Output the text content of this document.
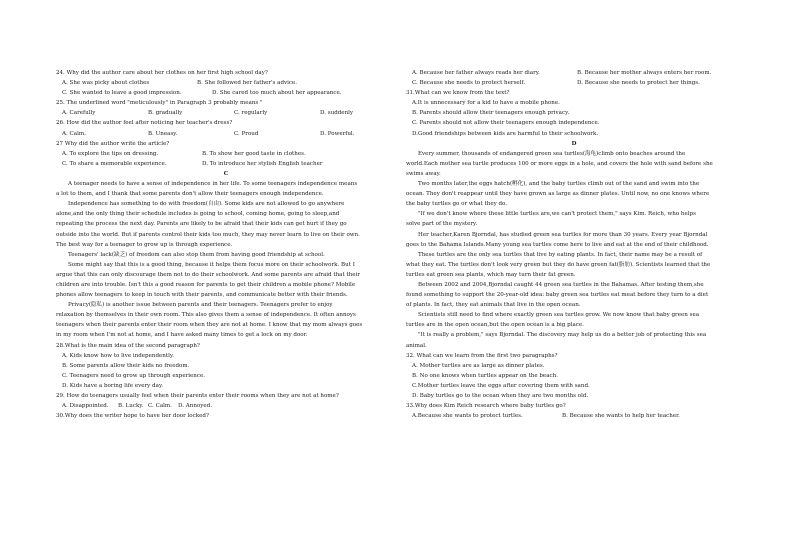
24. Why did the author care about her clothes on her first high school day?
A. She was picky about clothes	B. She followed her father's advice.
C. She wanted to leave a good impression.	D. She cared too much about her appearance.
25. The underlined word "meticulously" in Paragraph 3 probably means "
A. Carefully	B. gradually	C. regularly	D. suddenly
26. How did the author feel after noticing her teacher's dress?
A. Calm.	B. Uneasy.	C. Proud	D. Powerful.
27 Why did the author write the article?
A. To explore the tips on dressing.	B. To show her good taste in clothes.
C. To share a memorable experience.	D. To introduce her stylish English teacher
C
A teenager needs to have a sense of independence in her life. To some teenagers independence means
a lot to them, and I thank that some parents don't allow their teenagers enough independence.
Independence has something to do with freedom(自由). Some kids are not allowed to go anywhere
alone,and the only thing their schedule includes is going to school, coming home, going to sleep,and
repeating the process the next day. Parents are likely to be afraid that their kids can get hurt if they go
outside into the world. But if parents control their kids too much, they may never learn to live on their own.
The best way for a teenager to grow up is through experience.
Teenagers' lack(缺乏) of freedom can also stop them from having good friendship at school.
Some might say that this is a good thing, because it helps them focus more on their schoolwork. But I
argue that this can only discourage them not to do their schoolwork. And some parents are afraid that their
children are into trouble. Isn't this a good reason for parents to get their children a mobile phone? Mobile
phones allow teenagers to keep in touch with their parents, and communicate better with their friends.
Privacy(隐私) is another issue between parents and their teenagers. Teenagers prefer to enjoy
relaxation by themselves in their own room. This also gives them a sense of independence. It often annoys
teenagers when their parents enter their room when they are not at home. I know that my mom always goes
in my room when I'm not at home, and I have asked many times to get a lock on my door.
28.What is the main idea of the second paragraph?
A. Kids know how to live independently.
B. Some parents allow their kids no freedom.
C. Teenagers need to grow up through experience.
D. Kids have a boring life every day.
29. How do teenagers usually feel when their parents enter their rooms when they are not at home?
A. Disappointed.	B. Lucky. C. Calm.	D. Annoyed.
30.Why does the writer hope to have her door locked?
A. Because her father always reads her diary.	B. Because her mother always enters her room.
C. Because she needs to protect herself.	D. Because she needs to protect her things.
31.What can we know from the text?
A.It is unnecessary for a kid to have a mobile phone.
B. Parents should allow their teenagers enough privacy.
C. Parents should not allow their teenagers enough independence.
D.Good friendships between kids are harmful to their schoolwork.
D
Every summer, thousands of endangered green sea turtles(海龟)climb onto beaches around the
world.Each mother sea turtle produces 100 or more eggs in a hole, and covers the hole with sand before she
swims away.
Two months later,the eggs hatch(孵化), and the baby turtles climb out of the sand and swim into the
ocean. They don't reappear until they have grown as large as dinner plates. Until now, no one knows where
the baby turtles go or what they do.
"If we don't know where these little turtles are,we can't protect them," says Kim. Reich, who helps
solve part of the mystery.
Her teacher,Karen Bjorndal, has studied green sea turtles for more than 30 years. Every year Bjorndal
goes to the Bahama Islands.Many young sea turtles come here to live and eat at the end of their childhood.
These turtles are the only sea turtles that live by eating plants. In fact, their name may be a result of
what they eat. The turtles don't look very green but they do have green fat(脂肪). Scientists learned that the
turtles eat green sea plants, which may turn their fat green.
Between 2002 and 2004,Bjorndal caught 44 green sea turtles in the Bahamas. After testing them,she
found something to support the 20-year-old idea: baby green sea turtles eat meat before they turn to a diet
of plants. In fact, they eat animals that live in the open ocean.
Scientists still need to find where exactly green sea turtles grow. We now know that baby green sea
turtles are in the open ocean,but the open ocean is a big place.
"It is really a problem," says Bjorndal. The discovery may help us do a better job of protecting this sea
animal.
32. What can we learn from the first two paragraphs?
A. Mother turtles are as large as dinner plates.
B. No one knows when turtles appear on the beach.
C.Mother turtles leave the eggs after covering them with sand.
D. Baby turtles go to the ocean when they are two months old.
33.Why does Kim Reich research where baby turtles go?
A.Because she wants to protect turtles.	B. Because she wants to help her teacher.
